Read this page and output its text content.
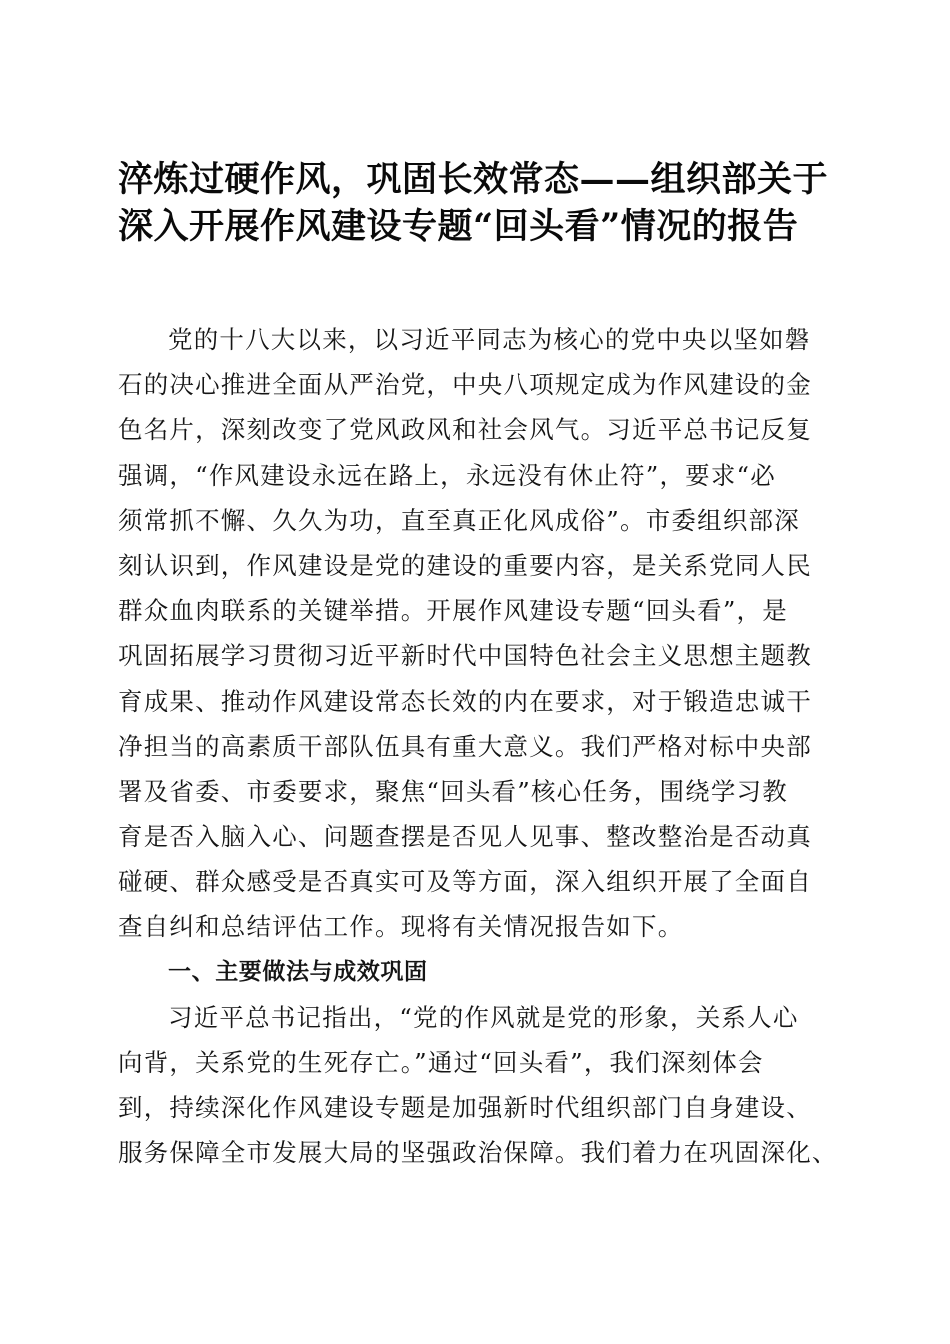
淬炼过硬作风，巩固长效常态——组织部关于
深入开展作风建设专题“回头看”情况的报告
党的十八大以来，以习近平同志为核心的党中央以坚如磐
石的决心推进全面从严治党，中央八项规定成为作风建设的金
色名片，深刻改变了党风政风和社会风气。习近平总书记反复
强调，“作风建设永远在路上，永远没有休止符”，要求“必
须常抓不懈、久久为功，直至真正化风成俗”。市委组织部深
刻认识到，作风建设是党的建设的重要内容，是关系党同人民
群众血肉联系的关键举措。开展作风建设专题“回头看”，是
巩固拓展学习贯彻习近平新时代中国特色社会主义思想主题教
育成果、推动作风建设常态长效的内在要求，对于锻造忠诚干
净担当的高素质干部队伍具有重大意义。我们严格对标中央部
署及省委、市委要求，聚焦“回头看”核心任务，围绕学习教
育是否入脑入心、问题查摆是否见人见事、整改整治是否动真
碰硬、群众感受是否真实可及等方面，深入组织开展了全面自
查自纠和总结评估工作。现将有关情况报告如下。
一、主要做法与成效巩固
习近平总书记指出，“党的作风就是党的形象，关系人心
向背，关系党的生死存亡。”通过“回头看”，我们深刻体会
到，持续深化作风建设专题是加强新时代组织部门自身建设、
服务保障全市发展大局的坚强政治保障。我们着力在巩固深化、
